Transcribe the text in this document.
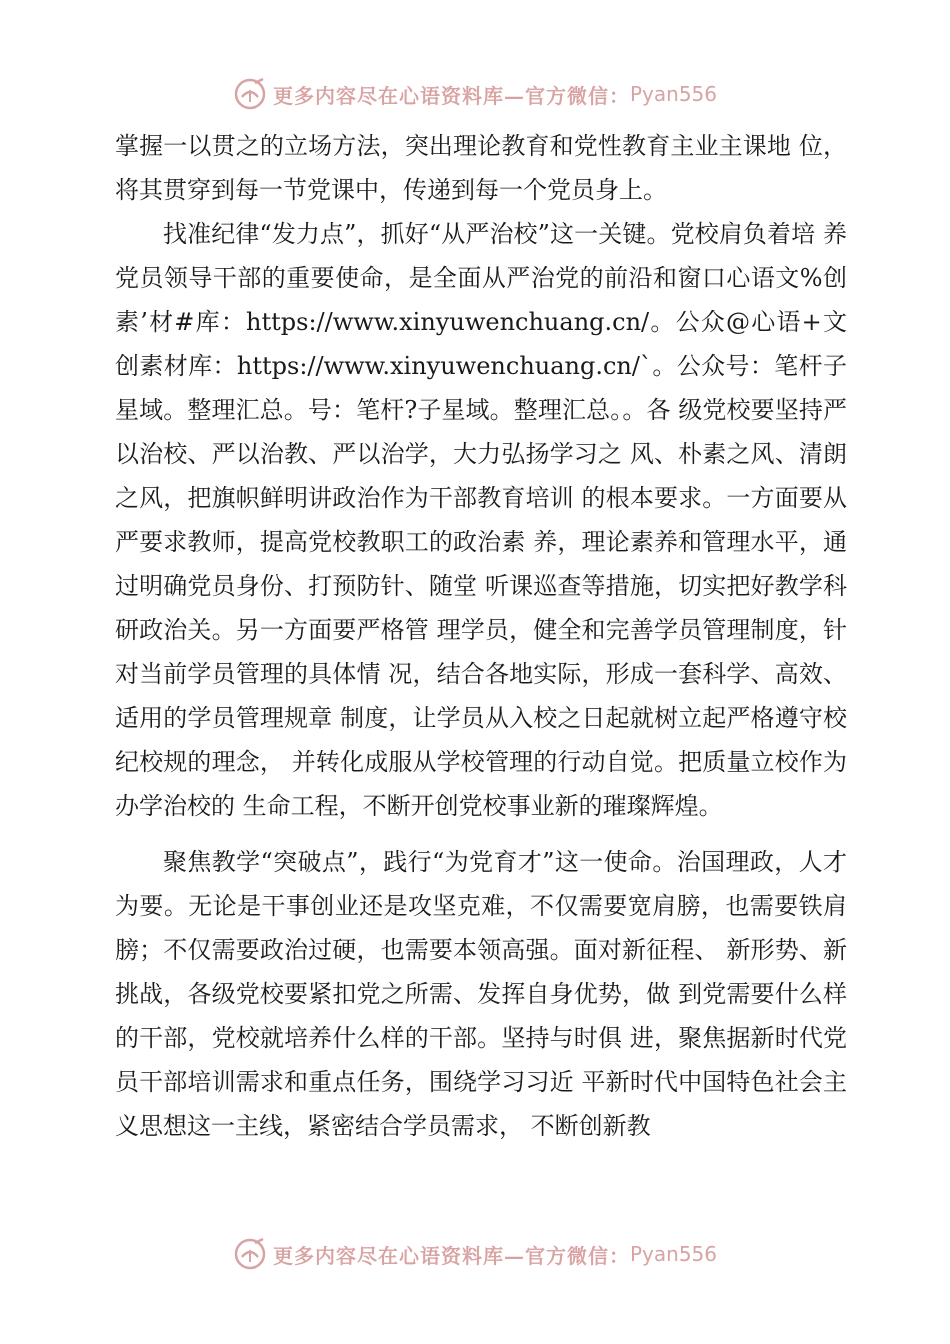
更多内容尽在心语资料库—官方微信： Pyan556

掌握一以贯之的立场方法，突出理论教育和党性教育主业主课地 位，将其贯穿到每一节党课中，传递到每一个党员身上。

找准纪律“发力点”，抓好“从严治校”这一关键。党校肩负着培 养党员领导干部的重要使命，是全面从严治党的前沿和窗口心语文%创素’材#库：https://www.xinyuwenchuang.cn/。公众@心语+文创素材库：https://www.xinyuwenchuang.cn/`。公众号：笔杆子星域。整理汇总。号：笔杆?子星域。整理汇总。。各 级党校要坚持严以治校、严以治教、严以治学，大力弘扬学习之 风、朴素之风、清朗之风，把旗帜鲜明讲政治作为干部教育培训 的根本要求。一方面要从严要求教师，提高党校教职工的政治素 养，理论素养和管理水平，通过明确党员身份、打预防针、随堂 听课巡查等措施，切实把好教学科研政治关。另一方面要严格管 理学员，健全和完善学员管理制度，针对当前学员管理的具体情 况，结合各地实际，形成一套科学、高效、适用的学员管理规章 制度，让学员从入校之日起就树立起严格遵守校纪校规的理念， 并转化成服从学校管理的行动自觉。把质量立校作为办学治校的 生命工程，不断开创党校事业新的璀璨辉煌。

聚焦教学“突破点”，践行“为党育才”这一使命。治国理政，人才为要。无论是干事创业还是攻坚克难，不仅需要宽肩膀，也需要铁肩膀；不仅需要政治过硬，也需要本领高强。面对新征程、 新形势、新挑战，各级党校要紧扣党之所需、发挥自身优势，做 到党需要什么样的干部，党校就培养什么样的干部。坚持与时俱 进，聚焦据新时代党员干部培训需求和重点任务，围绕学习习近 平新时代中国特色社会主义思想这一主线，紧密结合学员需求， 不断创新教

更多内容尽在心语资料库—官方微信： Pyan556
